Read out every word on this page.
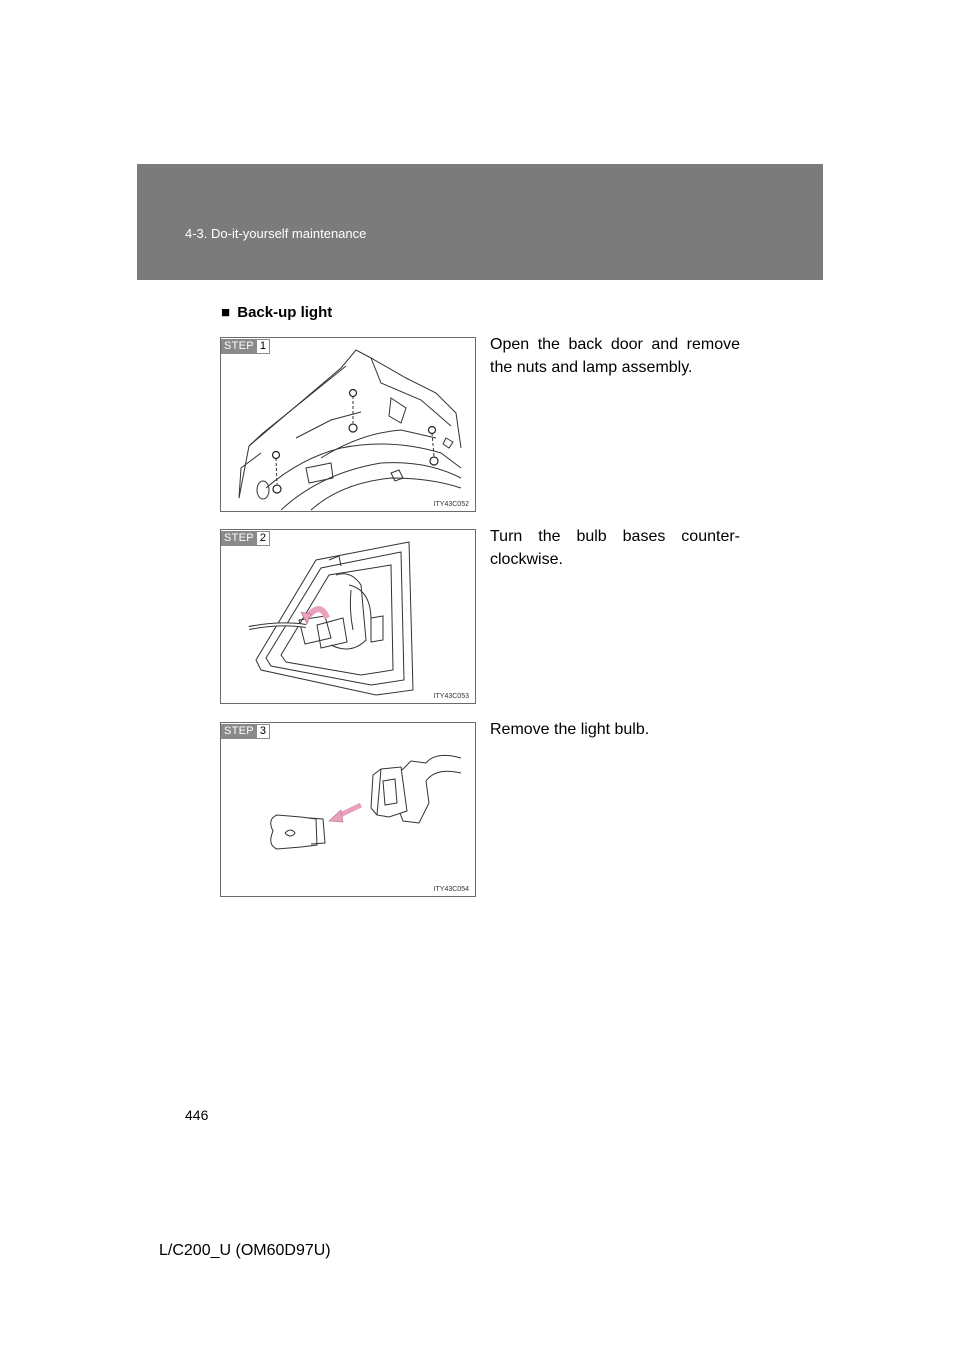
4-3. Do-it-yourself maintenance
■ Back-up light
STEP 1
ITY43C052
Open the back door and remove the nuts and lamp assembly.
STEP 2
ITY43C053
Turn the bulb bases counter-clockwise.
STEP 3
ITY43C054
Remove the light bulb.
446
L/C200_U (OM60D97U)
